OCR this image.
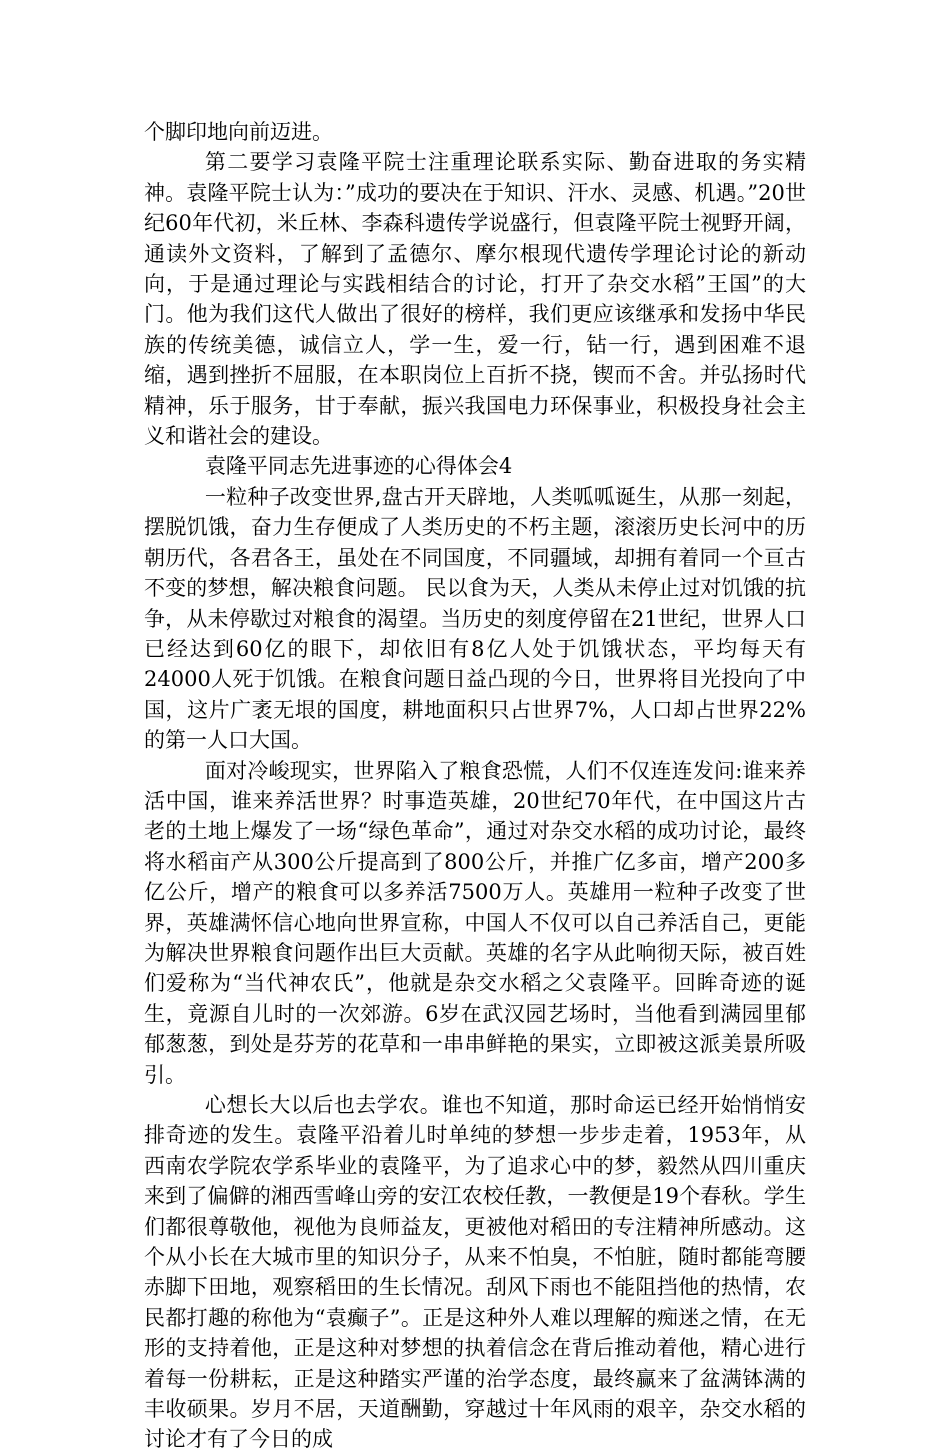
个脚印地向前迈进。

第二要学习袁隆平院士注重理论联系实际、勤奋进取的务实精神。袁隆平院士认为：”成功的要决在于知识、汗水、灵感、机遇。”20世纪60年代初，米丘林、李森科遗传学说盛行，但袁隆平院士视野开阔，通读外文资料，了解到了孟德尔、摩尔根现代遗传学理论讨论的新动向，于是通过理论与实践相结合的讨论，打开了杂交水稻”王国”的大门。他为我们这代人做出了很好的榜样，我们更应该继承和发扬中华民族的传统美德，诚信立人，学一生，爱一行，钻一行，遇到困难不退缩，遇到挫折不屈服，在本职岗位上百折不挠，锲而不舍。并弘扬时代精神，乐于服务，甘于奉献，振兴我国电力环保事业，积极投身社会主义和谐社会的建设。

袁隆平同志先进事迹的心得体会4

一粒种子改变世界,盘古开天辟地，人类呱呱诞生，从那一刻起，摆脱饥饿，奋力生存便成了人类历史的不朽主题，滚滚历史长河中的历朝历代，各君各王，虽处在不同国度，不同疆域，却拥有着同一个亘古不变的梦想，解决粮食问题。 民以食为天，人类从未停止过对饥饿的抗争，从未停歇过对粮食的渴望。当历史的刻度停留在21世纪，世界人口已经达到60亿的眼下，却依旧有8亿人处于饥饿状态，平均每天有24000人死于饥饿。在粮食问题日益凸现的今日，世界将目光投向了中国，这片广袤无垠的国度，耕地面积只占世界7%，人口却占世界22%的第一人口大国。

面对冷峻现实，世界陷入了粮食恐慌，人们不仅连连发问:谁来养活中国，谁来养活世界？时事造英雄，20世纪70年代，在中国这片古老的土地上爆发了一场“绿色革命”，通过对杂交水稻的成功讨论，最终将水稻亩产从300公斤提高到了800公斤，并推广亿多亩，增产200多亿公斤，增产的粮食可以多养活7500万人。英雄用一粒种子改变了世界，英雄满怀信心地向世界宣称，中国人不仅可以自己养活自己，更能为解决世界粮食问题作出巨大贡献。英雄的名字从此响彻天际，被百姓们爱称为“当代神农氏”，他就是杂交水稻之父袁隆平。回眸奇迹的诞生，竟源自儿时的一次郊游。6岁在武汉园艺场时，当他看到满园里郁郁葱葱，到处是芬芳的花草和一串串鲜艳的果实，立即被这派美景所吸引。

心想长大以后也去学农。谁也不知道，那时命运已经开始悄悄安排奇迹的发生。袁隆平沿着儿时单纯的梦想一步步走着，1953年，从西南农学院农学系毕业的袁隆平，为了追求心中的梦，毅然从四川重庆来到了偏僻的湘西雪峰山旁的安江农校任教，一教便是19个春秋。学生们都很尊敬他，视他为良师益友，更被他对稻田的专注精神所感动。这个从小长在大城市里的知识分子，从来不怕臭，不怕脏，随时都能弯腰赤脚下田地，观察稻田的生长情况。刮风下雨也不能阻挡他的热情，农民都打趣的称他为“袁癫子”。正是这种外人难以理解的痴迷之情，在无形的支持着他，正是这种对梦想的执着信念在背后推动着他，精心进行着每一份耕耘，正是这种踏实严谨的治学态度，最终赢来了盆满钵满的丰收硕果。岁月不居，天道酬勤，穿越过十年风雨的艰辛，杂交水稻的讨论才有了今日的成
